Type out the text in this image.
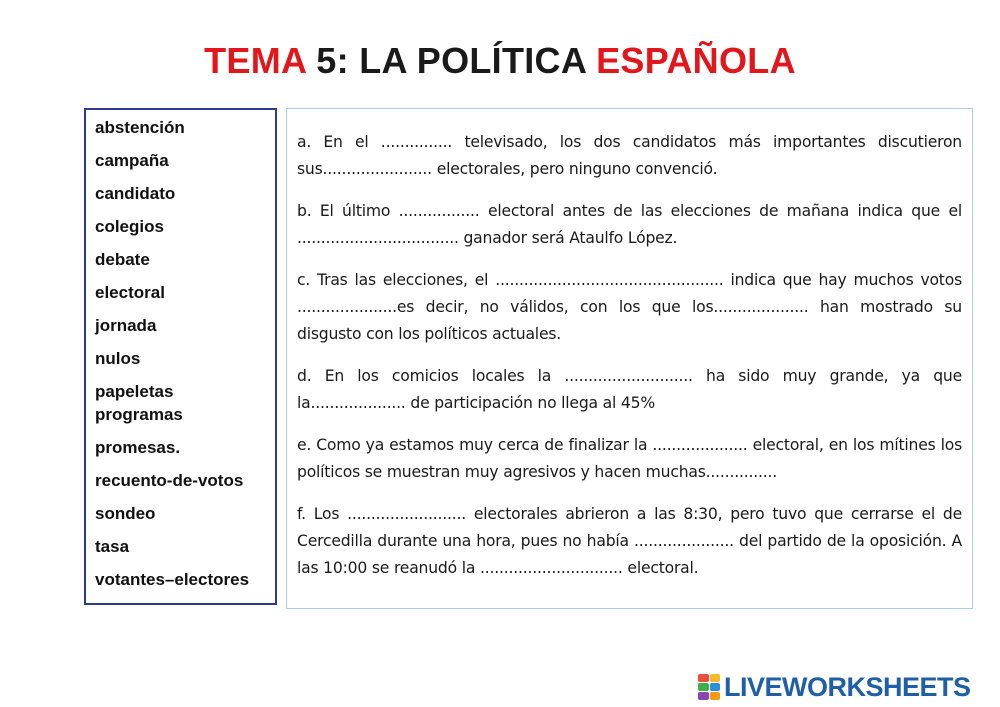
TEMA 5: LA POLÍTICA ESPAÑOLA
abstención
campaña
candidato
colegios
debate
electoral
jornada
nulos
papeletas
programas
promesas.
recuento-de-votos
sondeo
tasa
votantes–electores

a. En el ............... televisado, los dos candidatos más importantes discutieron sus....................... electorales, pero ninguno convenció.

b. El último ................. electoral antes de las elecciones de mañana indica que el .................................. ganador será Ataulfo López.

c. Tras las elecciones, el ................................................ indica que hay muchos votos .....................es decir, no válidos, con los que los.................... han mostrado su disgusto con los políticos actuales.

d. En los comicios locales la ........................... ha sido muy grande, ya que la.................... de participación no llega al 45%

e. Como ya estamos muy cerca de finalizar la .................... electoral, en los mítines los políticos se muestran muy agresivos y hacen muchas...............

f. Los ......................... electorales abrieron a las 8:30, pero tuvo que cerrarse el de Cercedilla durante una hora, pues no había ..................... del partido de la oposición. A las 10:00 se reanudó la .............................. electoral.

LIVEWORKSHEETS
